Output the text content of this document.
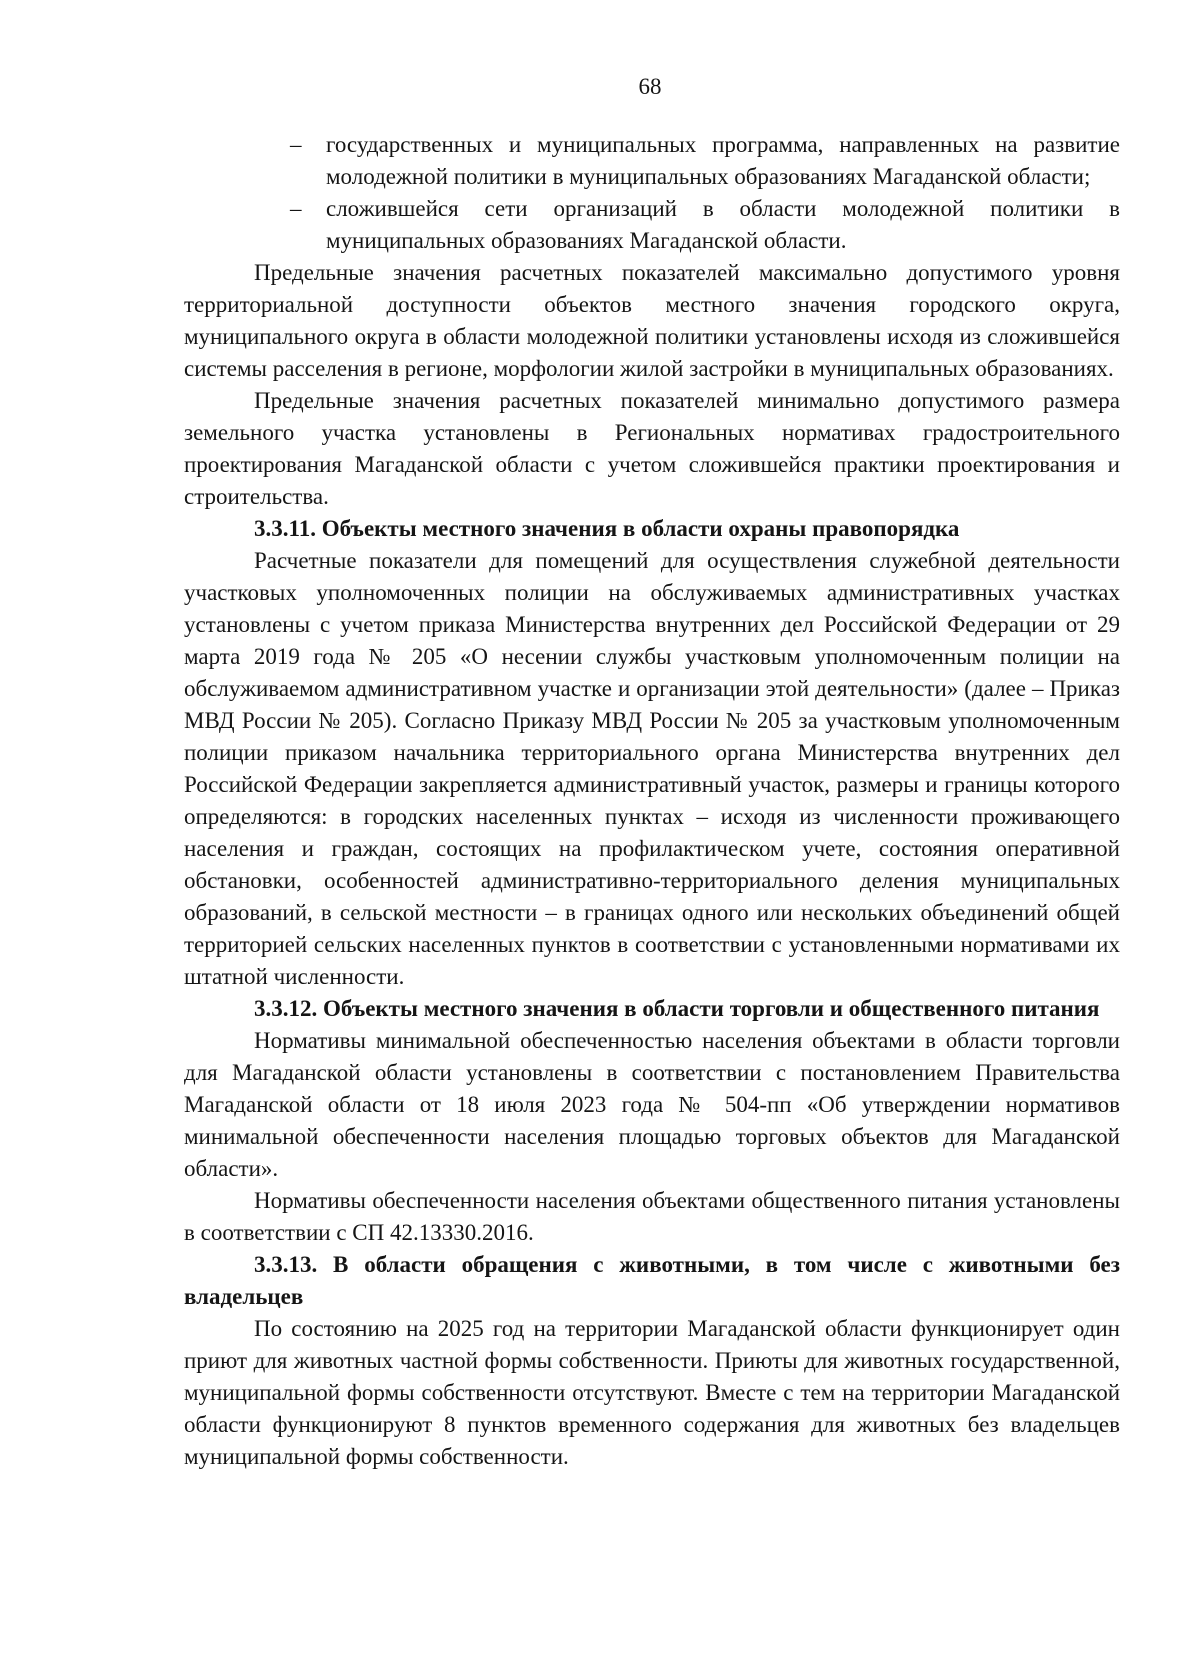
68
– государственных и муниципальных программа, направленных на развитие молодежной политики в муниципальных образованиях Магаданской области;
– сложившейся сети организаций в области молодежной политики в муниципальных образованиях Магаданской области.

Предельные значения расчетных показателей максимально допустимого уровня территориальной доступности объектов местного значения городского округа, муниципального округа в области молодежной политики установлены исходя из сложившейся системы расселения в регионе, морфологии жилой застройки в муниципальных образованиях.

Предельные значения расчетных показателей минимально допустимого размера земельного участка установлены в Региональных нормативах градостроительного проектирования Магаданской области с учетом сложившейся практики проектирования и строительства.

3.3.11. Объекты местного значения в области охраны правопорядка

Расчетные показатели для помещений для осуществления служебной деятельности участковых уполномоченных полиции на обслуживаемых административных участках установлены с учетом приказа Министерства внутренних дел Российской Федерации от 29 марта 2019 года № 205 «О несении службы участковым уполномоченным полиции на обслуживаемом административном участке и организации этой деятельности» (далее – Приказ МВД России № 205). Согласно Приказу МВД России № 205 за участковым уполномоченным полиции приказом начальника территориального органа Министерства внутренних дел Российской Федерации закрепляется административный участок, размеры и границы которого определяются: в городских населенных пунктах – исходя из численности проживающего населения и граждан, состоящих на профилактическом учете, состояния оперативной обстановки, особенностей административно-территориального деления муниципальных образований, в сельской местности – в границах одного или нескольких объединений общей территорией сельских населенных пунктов в соответствии с установленными нормативами их штатной численности.

3.3.12. Объекты местного значения в области торговли и общественного питания

Нормативы минимальной обеспеченностью населения объектами в области торговли для Магаданской области установлены в соответствии с постановлением Правительства Магаданской области от 18 июля 2023 года № 504-пп «Об утверждении нормативов минимальной обеспеченности населения площадью торговых объектов для Магаданской области».

Нормативы обеспеченности населения объектами общественного питания установлены в соответствии с СП 42.13330.2016.

3.3.13. В области обращения с животными, в том числе с животными без владельцев

По состоянию на 2025 год на территории Магаданской области функционирует один приют для животных частной формы собственности. Приюты для животных государственной, муниципальной формы собственности отсутствуют. Вместе с тем на территории Магаданской области функционируют 8 пунктов временного содержания для животных без владельцев муниципальной формы собственности.
